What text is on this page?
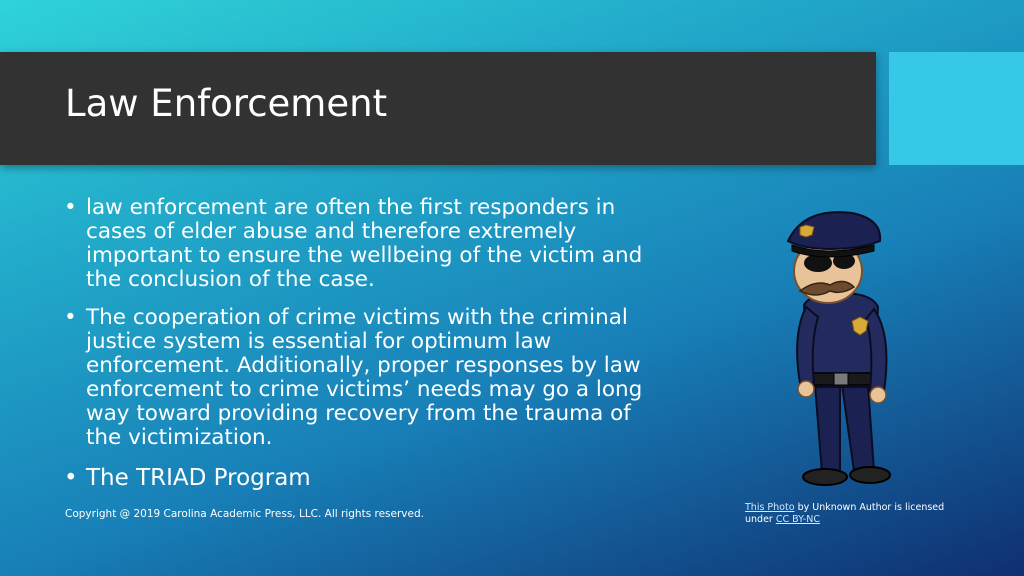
Law Enforcement
• law enforcement are often the first responders in cases of elder abuse and therefore extremely important to ensure the wellbeing of the victim and the conclusion of the case.
• The cooperation of crime victims with the criminal justice system is essential for optimum law enforcement. Additionally, proper responses by law enforcement to crime victims’ needs may go a long way toward providing recovery from the trauma of the victimization.
• The TRIAD Program
Copyright @ 2019 Carolina Academic Press, LLC. All rights reserved.
This Photo by Unknown Author is licensed under CC BY-NC
